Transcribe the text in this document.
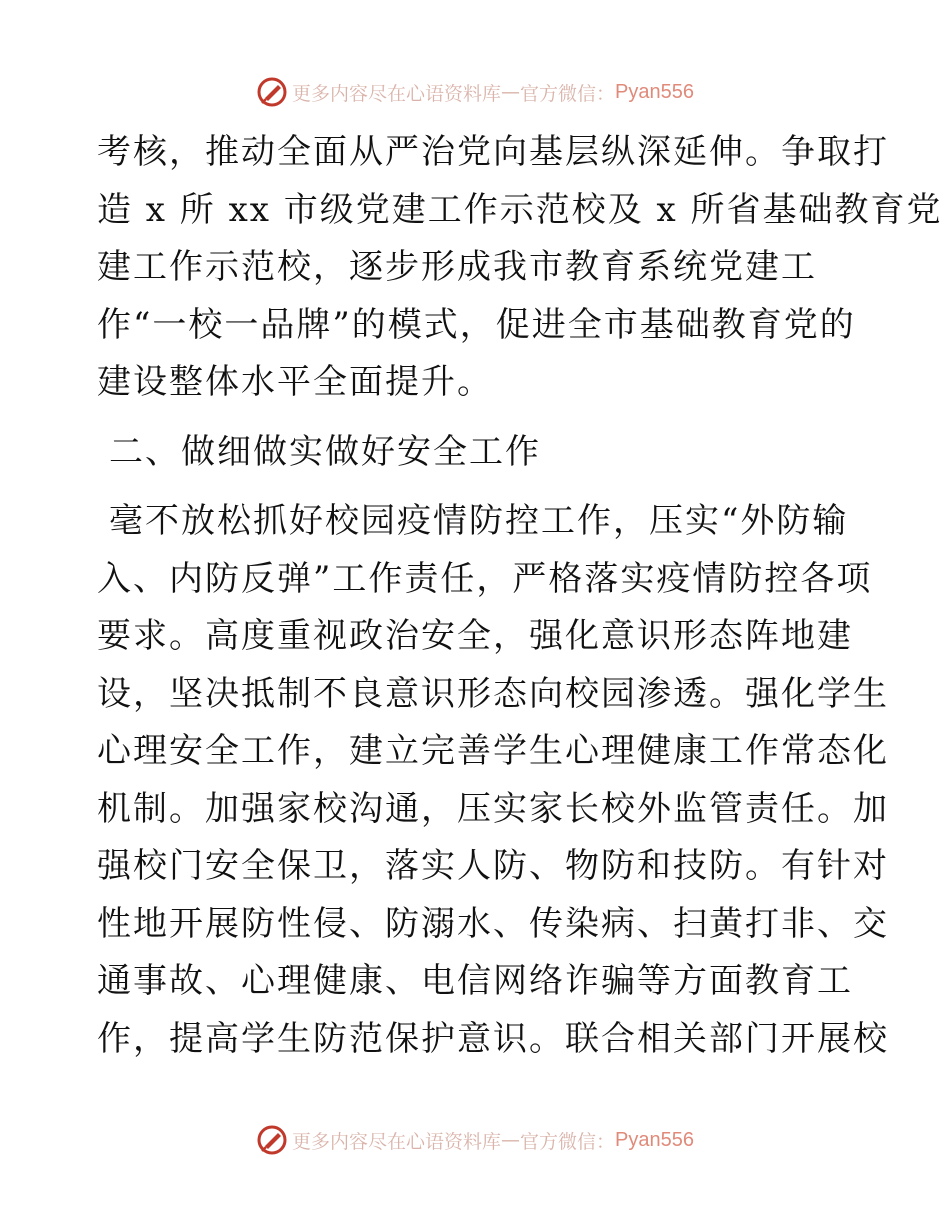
更多内容尽在心语资料库 — 官方微信： Pyan556
考核，推动全面从严治党向基层纵深延伸。争取打
造 x 所 xx 市级党建工作示范校及 x 所省基础教育党
建工作示范校，逐步形成我市教育系统党建工
作“一校一品牌”的模式，促进全市基础教育党的
建设整体水平全面提升。
二、做细做实做好安全工作
毫不放松抓好校园疫情防控工作，压实“外防输
入、内防反弹”工作责任，严格落实疫情防控各项
要求。高度重视政治安全，强化意识形态阵地建
设，坚决抵制不良意识形态向校园渗透。强化学生
心理安全工作，建立完善学生心理健康工作常态化
机制。加强家校沟通，压实家长校外监管责任。加
强校门安全保卫，落实人防、物防和技防。有针对
性地开展防性侵、防溺水、传染病、扫黄打非、交
通事故、心理健康、电信网络诈骗等方面教育工
作，提高学生防范保护意识。联合相关部门开展校
更多内容尽在心语资料库 — 官方微信： Pyan556
